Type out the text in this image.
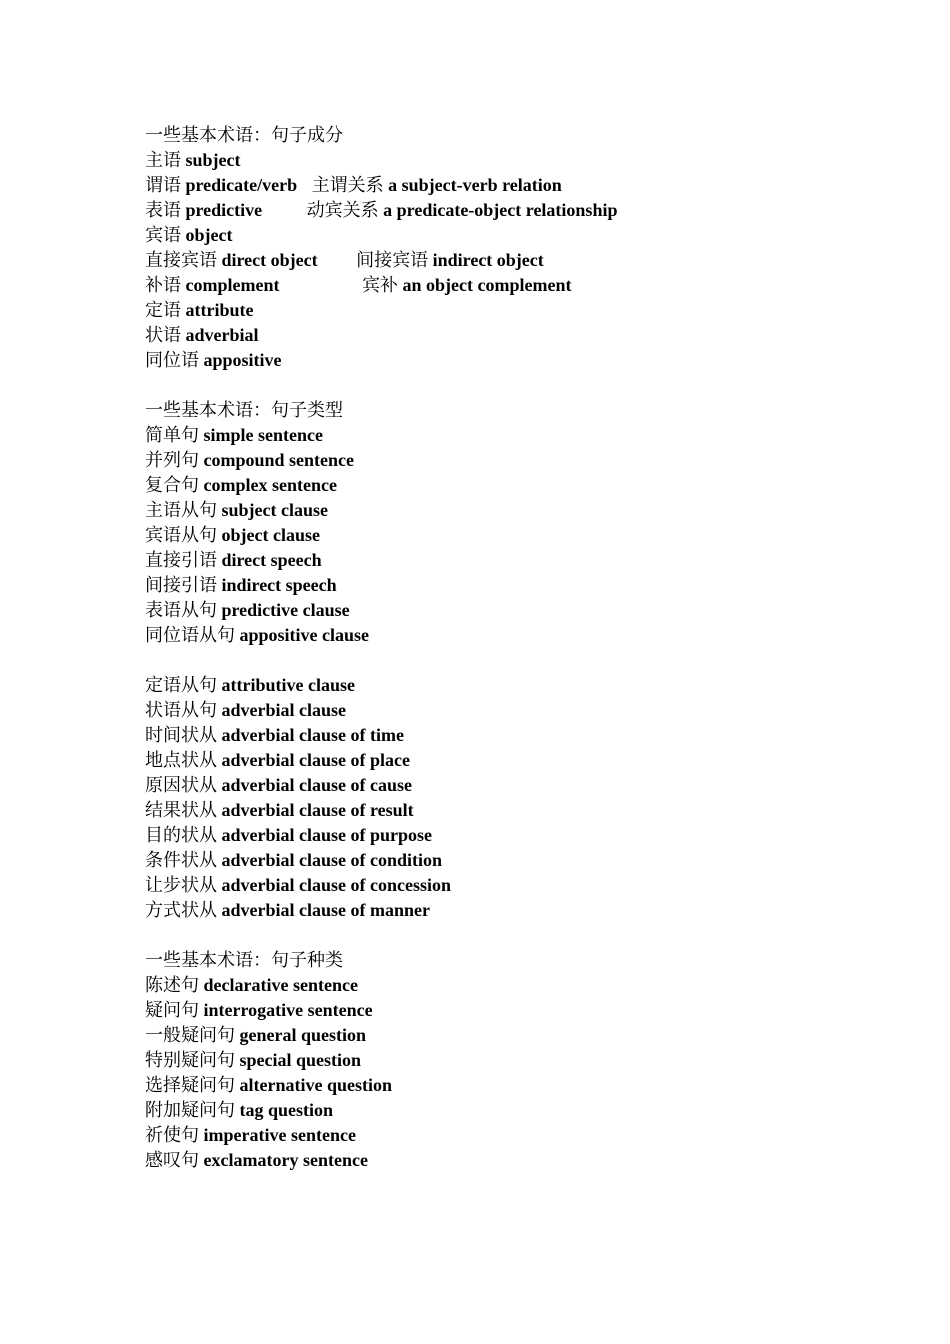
一些基本术语：句子成分
主语 subject
谓语 predicate/verb 主谓关系 a subject-verb relation
表语 predictive 动宾关系 a predicate-object relationship
宾语 object
直接宾语 direct object 间接宾语 indirect object
补语 complement	宾补 an object complement
定语 attribute
状语 adverbial
同位语 appositive
一些基本术语：句子类型
简单句 simple sentence
并列句 compound sentence
复合句 complex sentence
主语从句 subject clause
宾语从句 object clause
直接引语 direct speech
间接引语 indirect speech
表语从句 predictive clause
同位语从句 appositive clause
定语从句 attributive clause
状语从句 adverbial clause
时间状从 adverbial clause of time
地点状从 adverbial clause of place
原因状从 adverbial clause of cause
结果状从 adverbial clause of result
目的状从 adverbial clause of purpose
条件状从 adverbial clause of condition
让步状从 adverbial clause of concession
方式状从 adverbial clause of manner
一些基本术语：句子种类
陈述句 declarative sentence
疑问句 interrogative sentence
一般疑问句 general question
特别疑问句 special question
选择疑问句 alternative question
附加疑问句 tag question
祈使句 imperative sentence
感叹句 exclamatory sentence
